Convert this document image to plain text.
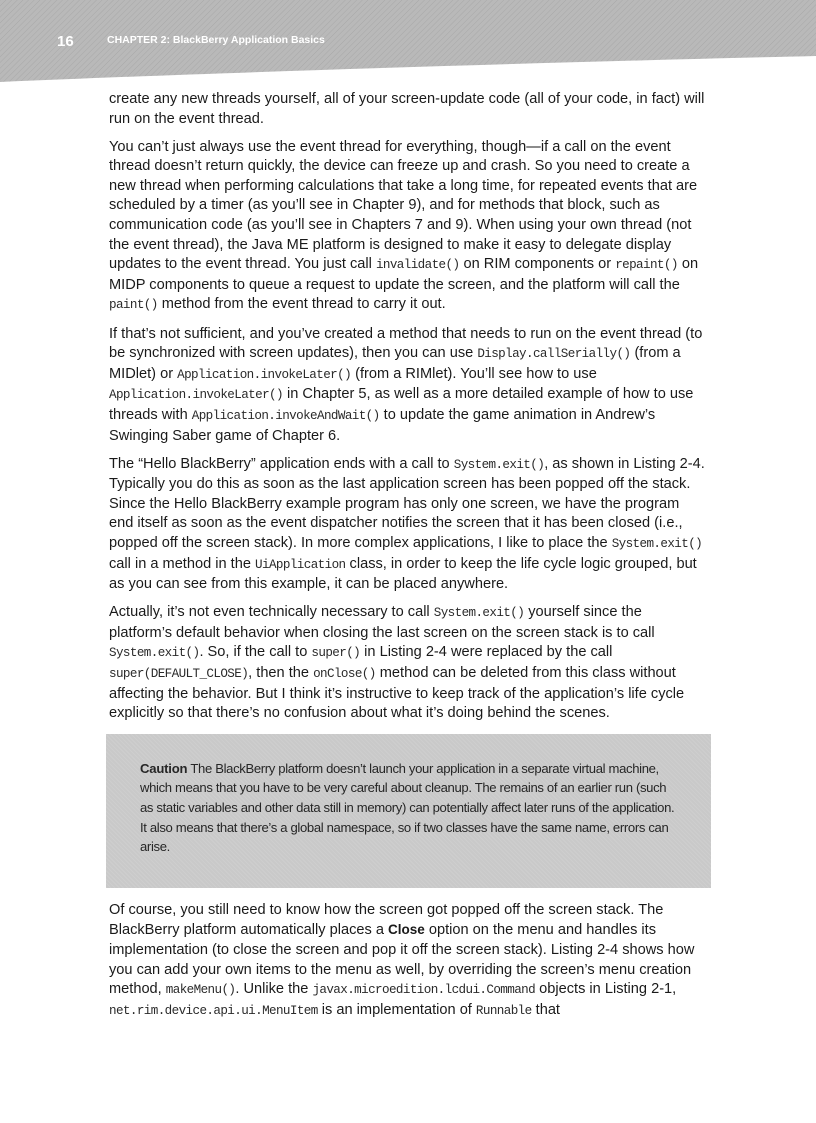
16	CHAPTER 2: BlackBerry Application Basics

create any new threads yourself, all of your screen-update code (all of your code, in fact) will run on the event thread.

You can’t just always use the event thread for everything, though—if a call on the event thread doesn’t return quickly, the device can freeze up and crash. So you need to create a new thread when performing calculations that take a long time, for repeated events that are scheduled by a timer (as you’ll see in Chapter 9), and for methods that block, such as communication code (as you’ll see in Chapters 7 and 9). When using your own thread (not the event thread), the Java ME platform is designed to make it easy to delegate display updates to the event thread. You just call invalidate() on RIM components or repaint() on MIDP components to queue a request to update the screen, and the platform will call the paint() method from the event thread to carry it out.

If that’s not sufficient, and you’ve created a method that needs to run on the event thread (to be synchronized with screen updates), then you can use Display.callSerially() (from a MIDlet) or Application.invokeLater() (from a RIMlet). You’ll see how to use Application.invokeLater() in Chapter 5, as well as a more detailed example of how to use threads with Application.invokeAndWait() to update the game animation in Andrew’s Swinging Saber game of Chapter 6.

The “Hello BlackBerry” application ends with a call to System.exit(), as shown in Listing 2-4. Typically you do this as soon as the last application screen has been popped off the stack. Since the Hello BlackBerry example program has only one screen, we have the program end itself as soon as the event dispatcher notifies the screen that it has been closed (i.e., popped off the screen stack). In more complex applications, I like to place the System.exit() call in a method in the UiApplication class, in order to keep the life cycle logic grouped, but as you can see from this example, it can be placed anywhere.

Actually, it’s not even technically necessary to call System.exit() yourself since the platform’s default behavior when closing the last screen on the screen stack is to call System.exit(). So, if the call to super() in Listing 2-4 were replaced by the call super(DEFAULT_CLOSE), then the onClose() method can be deleted from this class without affecting the behavior. But I think it’s instructive to keep track of the application’s life cycle explicitly so that there’s no confusion about what it’s doing behind the scenes.

Caution The BlackBerry platform doesn’t launch your application in a separate virtual machine, which means that you have to be very careful about cleanup. The remains of an earlier run (such as static variables and other data still in memory) can potentially affect later runs of the application. It also means that there’s a global namespace, so if two classes have the same name, errors can arise.

Of course, you still need to know how the screen got popped off the screen stack. The BlackBerry platform automatically places a Close option on the menu and handles its implementation (to close the screen and pop it off the screen stack). Listing 2-4 shows how you can add your own items to the menu as well, by overriding the screen’s menu creation method, makeMenu(). Unlike the javax.microedition.lcdui.Command objects in Listing 2-1, net.rim.device.api.ui.MenuItem is an implementation of Runnable that
